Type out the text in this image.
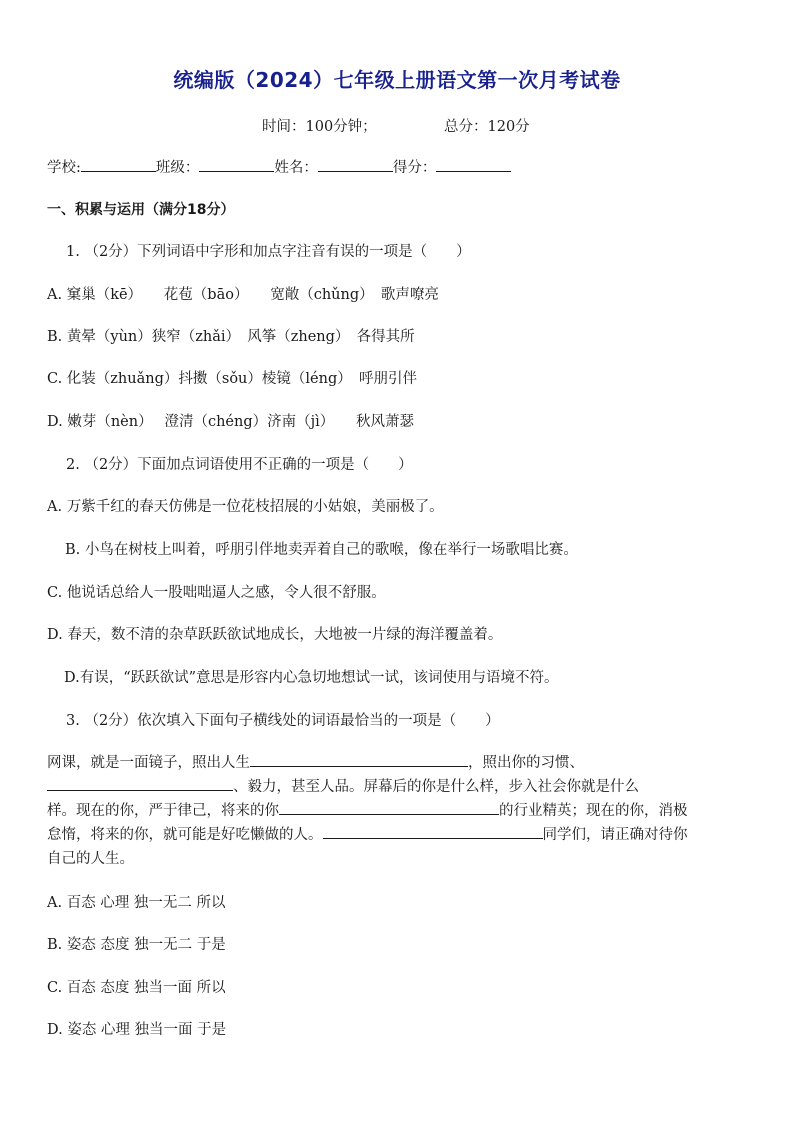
统编版（2024）七年级上册语文第一次月考试卷
时间：100分钟；	总分：120分
学校:	班级：	姓名：	得分：
一、积累与运用（满分18分）
1. （2分）下列词语中字形和加点字注音有误的一项是（　　）
A. 窠巢（kē）　　花苞（bāo）　　宽敞（chǔng）　歌声嘹亮
B. 黄晕（yùn）狭窄（zhǎi）　风筝（zheng）　各得其所
C. 化装（zhuǎng）抖擞（sǒu）棱镜（léng）　呼朋引伴
D. 嫩芽（nèn）　 澄清（chéng）济南（jì）　　秋风萧瑟
2. （2分）下面加点词语使用不正确的一项是（　　）
A. 万紫千红的春天仿佛是一位花枝招展的小姑娘，美丽极了。
B. 小鸟在树枝上叫着，呼朋引伴地卖弄着自己的歌喉，像在举行一场歌唱比赛。
C. 他说话总给人一股咄咄逼人之感，令人很不舒服。
D. 春天，数不清的杂草跃跃欲试地成长，大地被一片绿的海洋覆盖着。
D.有误，“跃跃欲试”意思是形容内心急切地想试一试，该词使用与语境不符。
3. （2分）依次填入下面句子横线处的词语最恰当的一项是（　　）
网课，就是一面镜子，照出人生	，照出你的习惯、
、毅力，甚至人品。屏幕后的你是什么样，步入社会你就是什么
样。现在的你，严于律己，将来的你	的行业精英；现在的你，消极
怠惰，将来的你，就可能是好吃懒做的人。	同学们，请正确对待你
自己的人生。
A. 百态 心理 独一无二 所以
B. 姿态 态度 独一无二 于是
C. 百态 态度 独当一面 所以
D. 姿态 心理 独当一面 于是
